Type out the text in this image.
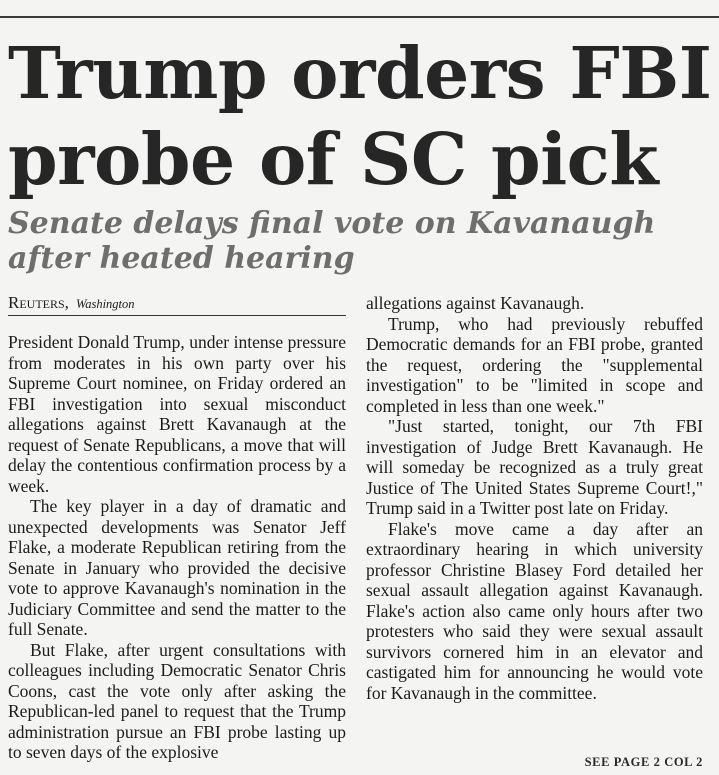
Trump orders FBI
probe of SC pick
Senate delays final vote on Kavanaugh
after heated hearing
Reuters, Washington

President Donald Trump, under intense pressure from moderates in his own party over his Supreme Court nominee, on Friday ordered an FBI investigation into sexual misconduct allegations against Brett Kavanaugh at the request of Senate Republicans, a move that will delay the contentious confirmation process by a week.

The key player in a day of dramatic and unexpected developments was Senator Jeff Flake, a moderate Republican retiring from the Senate in January who provided the decisive vote to approve Kavanaugh's nomination in the Judiciary Committee and send the matter to the full Senate.

But Flake, after urgent consultations with colleagues including Democratic Senator Chris Coons, cast the vote only after asking the Republican-led panel to request that the Trump administration pursue an FBI probe lasting up to seven days of the explosive

allegations against Kavanaugh.

Trump, who had previously rebuffed Democratic demands for an FBI probe, granted the request, ordering the "supplemental investigation" to be "limited in scope and completed in less than one week."

"Just started, tonight, our 7th FBI investigation of Judge Brett Kavanaugh. He will someday be recognized as a truly great Justice of The United States Supreme Court!," Trump said in a Twitter post late on Friday.

Flake's move came a day after an extraordinary hearing in which university professor Christine Blasey Ford detailed her sexual assault allegation against Kavanaugh. Flake's action also came only hours after two protesters who said they were sexual assault survivors cornered him in an elevator and castigated him for announcing he would vote for Kavanaugh in the committee.

SEE PAGE 2 COL 2
